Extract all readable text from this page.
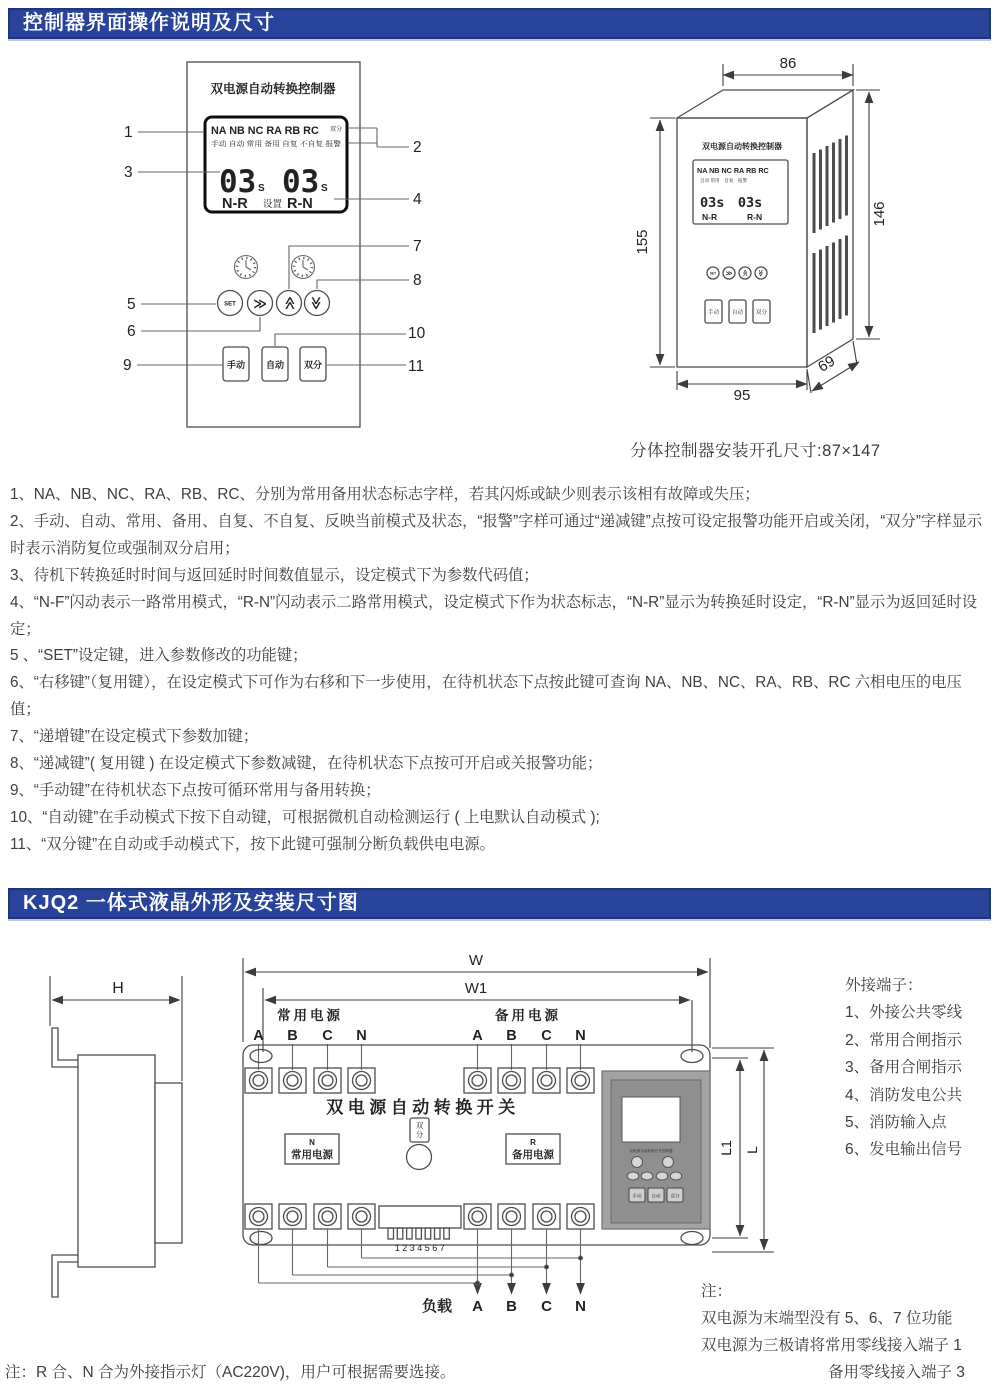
控制器界面操作说明及尺寸
双电源自动转换控制器
NA NB NC RA RB RC 双分
手动 自动 常用 备用 自复 不自复 报警
03 S 03 S
N-R 设置 R-N
SET ≫ ≫ ≫
手动 自动 双分
1
2
3
4
5
6
7
8
9
10
11
双电源自动转换控制器
NA NB NC RA RB RC
自动 常用　自复　报警
03s　03s
N-R	R-N
SET ≫ ≫ ≫
手动 自动 双分
86
146
155
95
69
分体控制器安装开孔尺寸:87×147

1、NA、NB、NC、RA、RB、RC、分别为常用备用状态标志字样，若其闪烁或缺少则表示该相有故障或失压；

2、手动、自动、常用、备用、自复、不自复、反映当前模式及状态，“报警”字样可通过“递减键”点按可设定报警功能开启或关闭，“双分”字样显示时表示消防复位或强制双分启用；

3、待机下转换延时时间与返回延时时间数值显示，设定模式下为参数代码值；

4、“N-F”闪动表示一路常用模式，“R-N”闪动表示二路常用模式，设定模式下作为状态标志，“N-R”显示为转换延时设定，“R-N”显示为返回延时设定；

5 、“SET”设定键，进入参数修改的功能键；

6、“右移键”（复用键），在设定模式下可作为右移和下一步使用，在待机状态下点按此键可查询 NA、NB、NC、RA、RB、RC 六相电压的电压值；

7、“递增键”在设定模式下参数加键；

8、“递减键”( 复用键 ) 在设定模式下参数减键，在待机状态下点按可开启或关报警功能；

9、“手动键”在待机状态下点按可循环常用与备用转换；

10、“自动键”在手动模式下按下自动键，可根据微机自动检测运行 ( 上电默认自动模式 );

11、“双分键”在自动或手动模式下，按下此键可强制分断负载供电电源。

KJQ2 一体式液晶外形及安装尺寸图
H
W
W1
常用电源	备用电源
A B C N	A B C N
双电源自动转换开关
N
常用电源
R
备用电源
双
分
双电源自动转换开关控制器
手动 自动 双分
1234567
负载 A B C N
L1 L
外接端子：
1、外接公共零线
2、常用合闸指示
3、备用合闸指示
4、消防发电公共
5、消防输入点
6、发电输出信号
注：
双电源为末端型没有 5、6、7 位功能
双电源为三极请将常用零线接入端子 1
备用零线接入端子 3
注：R 合、N 合为外接指示灯（AC220V)，用户可根据需要选接。
